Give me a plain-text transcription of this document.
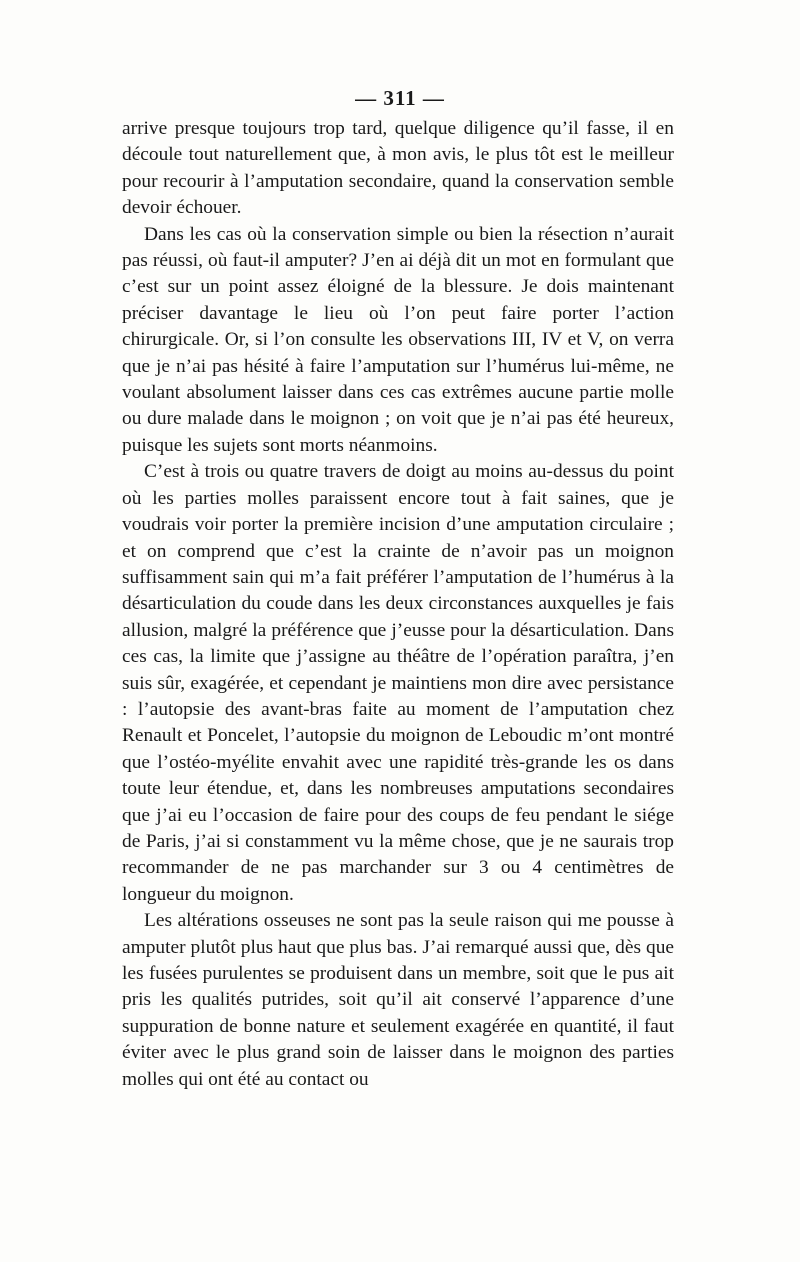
— 311 —

arrive presque toujours trop tard, quelque diligence qu’il fasse, il en découle tout naturellement que, à mon avis, le plus tôt est le meilleur pour recourir à l’amputation secondaire, quand la conservation semble devoir échouer.

Dans les cas où la conservation simple ou bien la résection n’aurait pas réussi, où faut-il amputer? J’en ai déjà dit un mot en formulant que c’est sur un point assez éloigné de la blessure. Je dois maintenant préciser davantage le lieu où l’on peut faire porter l’action chirurgicale. Or, si l’on consulte les observations III, IV et V, on verra que je n’ai pas hésité à faire l’amputation sur l’humérus lui-même, ne voulant absolument laisser dans ces cas extrêmes aucune partie molle ou dure malade dans le moignon ; on voit que je n’ai pas été heureux, puisque les sujets sont morts néanmoins.

C’est à trois ou quatre travers de doigt au moins au-dessus du point où les parties molles paraissent encore tout à fait saines, que je voudrais voir porter la première incision d’une amputation circulaire ; et on comprend que c’est la crainte de n’avoir pas un moignon suffisamment sain qui m’a fait préférer l’amputation de l’humérus à la désarticulation du coude dans les deux circonstances auxquelles je fais allusion, malgré la préférence que j’eusse pour la désarticulation. Dans ces cas, la limite que j’assigne au théâtre de l’opération paraîtra, j’en suis sûr, exagérée, et cependant je maintiens mon dire avec persistance : l’autopsie des avant-bras faite au moment de l’amputation chez Renault et Poncelet, l’autopsie du moignon de Leboudic m’ont montré que l’ostéo-myélite envahit avec une rapidité très-grande les os dans toute leur étendue, et, dans les nombreuses amputations secondaires que j’ai eu l’occasion de faire pour des coups de feu pendant le siége de Paris, j’ai si constamment vu la même chose, que je ne saurais trop recommander de ne pas marchander sur 3 ou 4 centimètres de longueur du moignon.

Les altérations osseuses ne sont pas la seule raison qui me pousse à amputer plutôt plus haut que plus bas. J’ai remarqué aussi que, dès que les fusées purulentes se produisent dans un membre, soit que le pus ait pris les qualités putrides, soit qu’il ait conservé l’apparence d’une suppuration de bonne nature et seulement exagérée en quantité, il faut éviter avec le plus grand soin de laisser dans le moignon des parties molles qui ont été au contact ou
